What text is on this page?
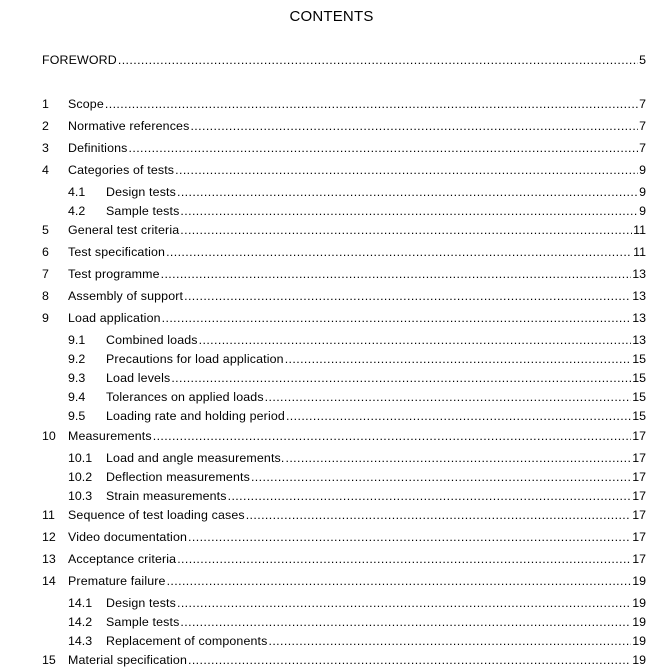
CONTENTS
FOREWORD .....	5
1	Scope .....	7
2	Normative references .....	7
3	Definitions .....	7
4	Categories of tests .....	9
4.1	Design tests .....	9
4.2	Sample tests .....	9
5	General test criteria .....	11
6	Test specification .....	11
7	Test programme .....	13
8	Assembly of support .....	13
9	Load application .....	13
9.1	Combined loads .....	13
9.2	Precautions for load application .....	15
9.3	Load levels .....	15
9.4	Tolerances on applied loads .....	15
9.5	Loading rate and holding period .....	15
10 Measurements .....	17
10.1	Load and angle measurements. .....	17
10.2	Deflection measurements .....	17
10.3	Strain measurements .....	17
11	Sequence of test loading cases .....	17
12 Video documentation .....	17
13 Acceptance criteria .....	17
14 Premature failure .....	19
14.1	Design tests .....	19
14.2	Sample tests .....	19
14.3	Replacement of components .....	19
15 Material specification .....	19
